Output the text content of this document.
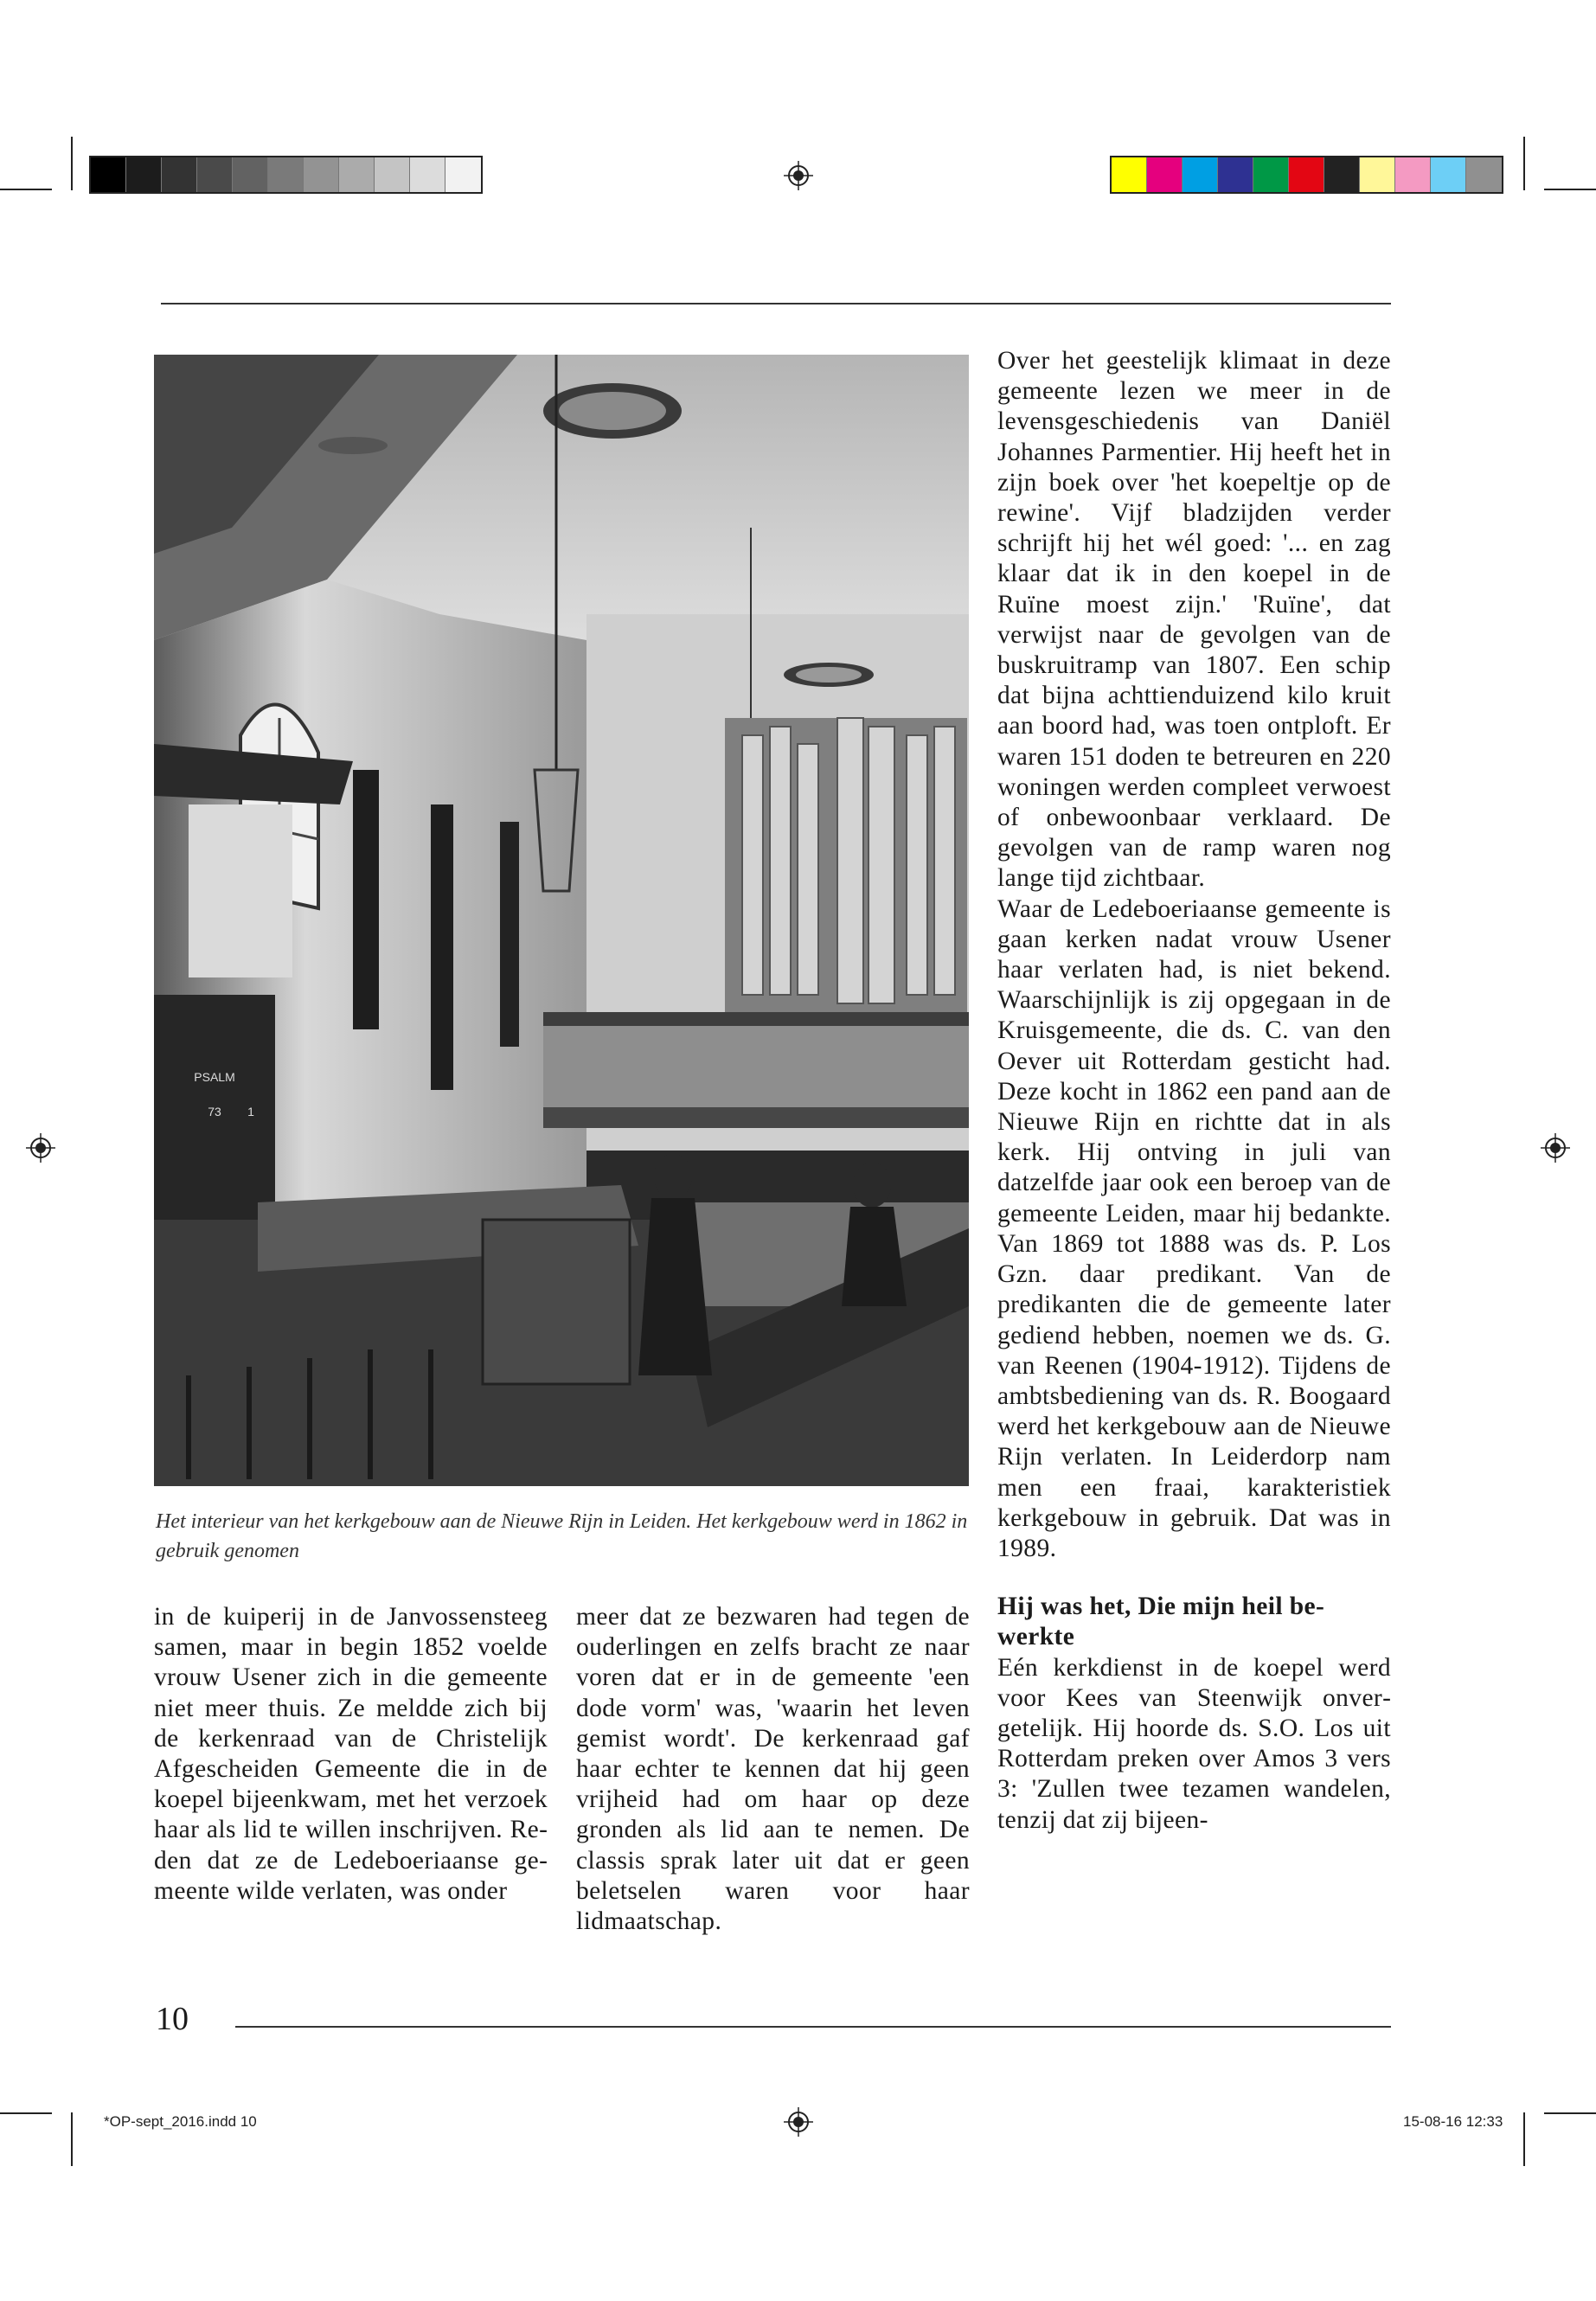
PSALM
73 1
Het interieur van het kerkgebouw aan de Nieuwe Rijn in Leiden. Het kerkgebouw werd in 1862 in gebruik genomen

in de kuiperij in de Janvossensteeg samen, maar in begin 1852 voelde vrouw Usener zich in die gemeente niet meer thuis. Ze meldde zich bij de kerkenraad van de Christelijk Afgescheiden Gemeente die in de koepel bijeenkwam, met het verzoek haar als lid te willen inschrijven. Reden dat ze de Ledeboeriaanse gemeente wilde verlaten, was onder

meer dat ze bezwaren had tegen de ouderlingen en zelfs bracht ze naar voren dat er in de gemeente 'een dode vorm' was, 'waarin het leven gemist wordt'. De kerkenraad gaf haar echter te kennen dat hij geen vrijheid had om haar op deze gronden als lid aan te nemen. De classis sprak later uit dat er geen beletselen waren voor haar lidmaatschap.

Over het geestelijk klimaat in deze gemeente lezen we meer in de levensgeschiedenis van Daniël Johannes Parmentier. Hij heeft het in zijn boek over 'het koepeltje op de rewine'. Vijf bladzijden verder schrijft hij het wél goed: '... en zag klaar dat ik in den koepel in de Ruïne moest zijn.' 'Ruïne', dat verwijst naar de gevolgen van de buskruitramp van 1807. Een schip dat bijna achttienduizend kilo kruit aan boord had, was toen ontploft. Er waren 151 doden te betreuren en 220 woningen werden compleet verwoest of onbewoonbaar verklaard. De gevolgen van de ramp waren nog lange tijd zichtbaar.

Waar de Ledeboeriaanse gemeente is gaan kerken nadat vrouw Usener haar verlaten had, is niet bekend. Waarschijnlijk is zij opgegaan in de Kruisgemeente, die ds. C. van den Oever uit Rotterdam gesticht had. Deze kocht in 1862 een pand aan de Nieuwe Rijn en richtte dat in als kerk. Hij ontving in juli van datzelfde jaar ook een beroep van de gemeente Leiden, maar hij bedankte. Van 1869 tot 1888 was ds. P. Los Gzn. daar predikant. Van de predikanten die de gemeente later gediend hebben, noemen we ds. G. van Reenen (1904-1912). Tijdens de ambtsbediening van ds. R. Boogaard werd het kerkgebouw aan de Nieuwe Rijn verlaten. In Leiderdorp nam men een fraai, karakteristiek kerkgebouw in gebruik. Dat was in 1989.

Hij was het, Die mijn heil bewerkte

Eén kerkdienst in de koepel werd voor Kees van Steenwijk onvergetelijk. Hij hoorde ds. S.O. Los uit Rotterdam preken over Amos 3 vers 3: 'Zullen twee tezamen wandelen, tenzij dat zij bijeen-

10
*OP-sept_2016.indd 10	15-08-16 12:33
